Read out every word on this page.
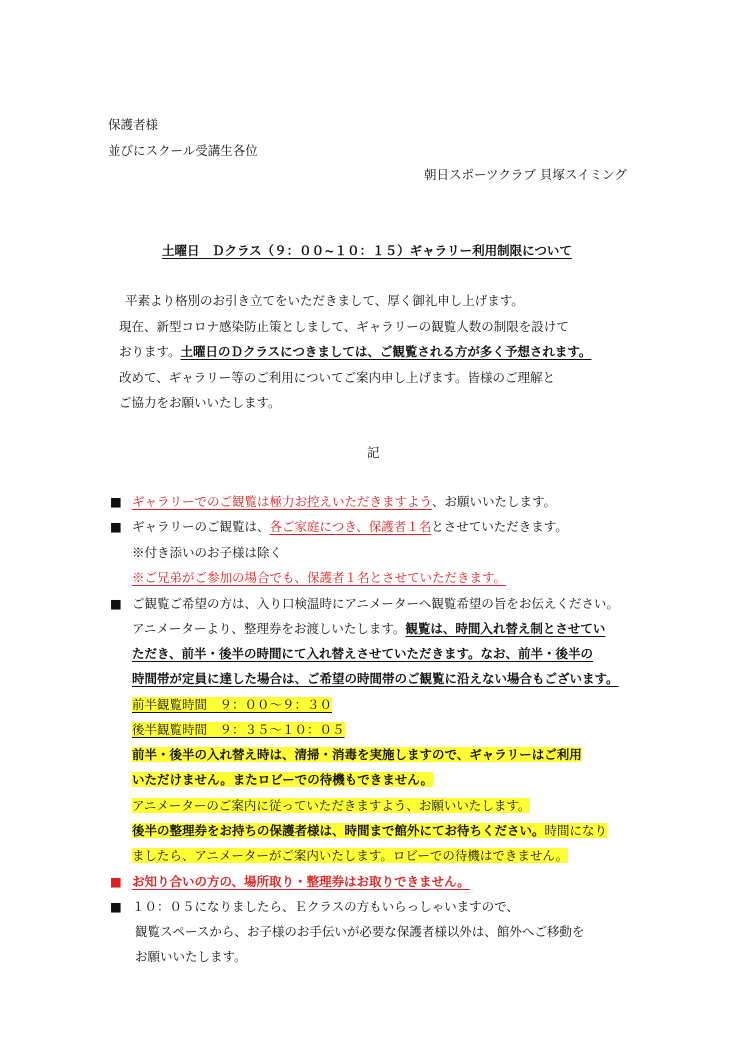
保護者様
並びにスクール受講生各位
朝日スポーツクラブ 貝塚スイミング
土曜日　Ｄクラス（９：００~１０：１５）ギャラリー利用制限について
平素より格別のお引き立てをいただきまして、厚く御礼申し上げます。
現在、新型コロナ感染防止策としまして、ギャラリーの観覧人数の制限を設けて
おります。土曜日のＤクラスにつきましては、ご観覧される方が多く予想されます。
改めて、ギャラリー等のご利用についてご案内申し上げます。皆様のご理解と
ご協力をお願いいたします。
記
■ ギャラリーでのご観覧は極力お控えいただきますよう、お願いいたします。
■ ギャラリーのご観覧は、各ご家庭につき、保護者１名とさせていただきます。
※付き添いのお子様は除く
※ご兄弟がご参加の場合でも、保護者１名とさせていただきます。
■ ご観覧ご希望の方は、入り口検温時にアニメーターへ観覧希望の旨をお伝えください。
アニメーターより、整理券をお渡しいたします。観覧は、時間入れ替え制とさせてい
ただき、前半・後半の時間にて入れ替えさせていただきます。なお、前半・後半の
時間帯が定員に達した場合は、ご希望の時間帯のご観覧に沿えない場合もございます。
前半観覧時間　９：００～９：３０
後半観覧時間　９：３５～１０：０５
前半・後半の入れ替え時は、清掃・消毒を実施しますので、ギャラリーはご利用
いただけません。またロビーでの待機もできません。
アニメーターのご案内に従っていただきますよう、お願いいたします。
後半の整理券をお持ちの保護者様は、時間まで館外にてお待ちください。時間になり
ましたら、アニメーターがご案内いたします。ロビーでの待機はできません。
■ お知り合いの方の、場所取り・整理券はお取りできません。
■ １０：０５になりましたら、Ｅクラスの方もいらっしゃいますので、
観覧スペースから、お子様のお手伝いが必要な保護者様以外は、館外へご移動を
お願いいたします。
